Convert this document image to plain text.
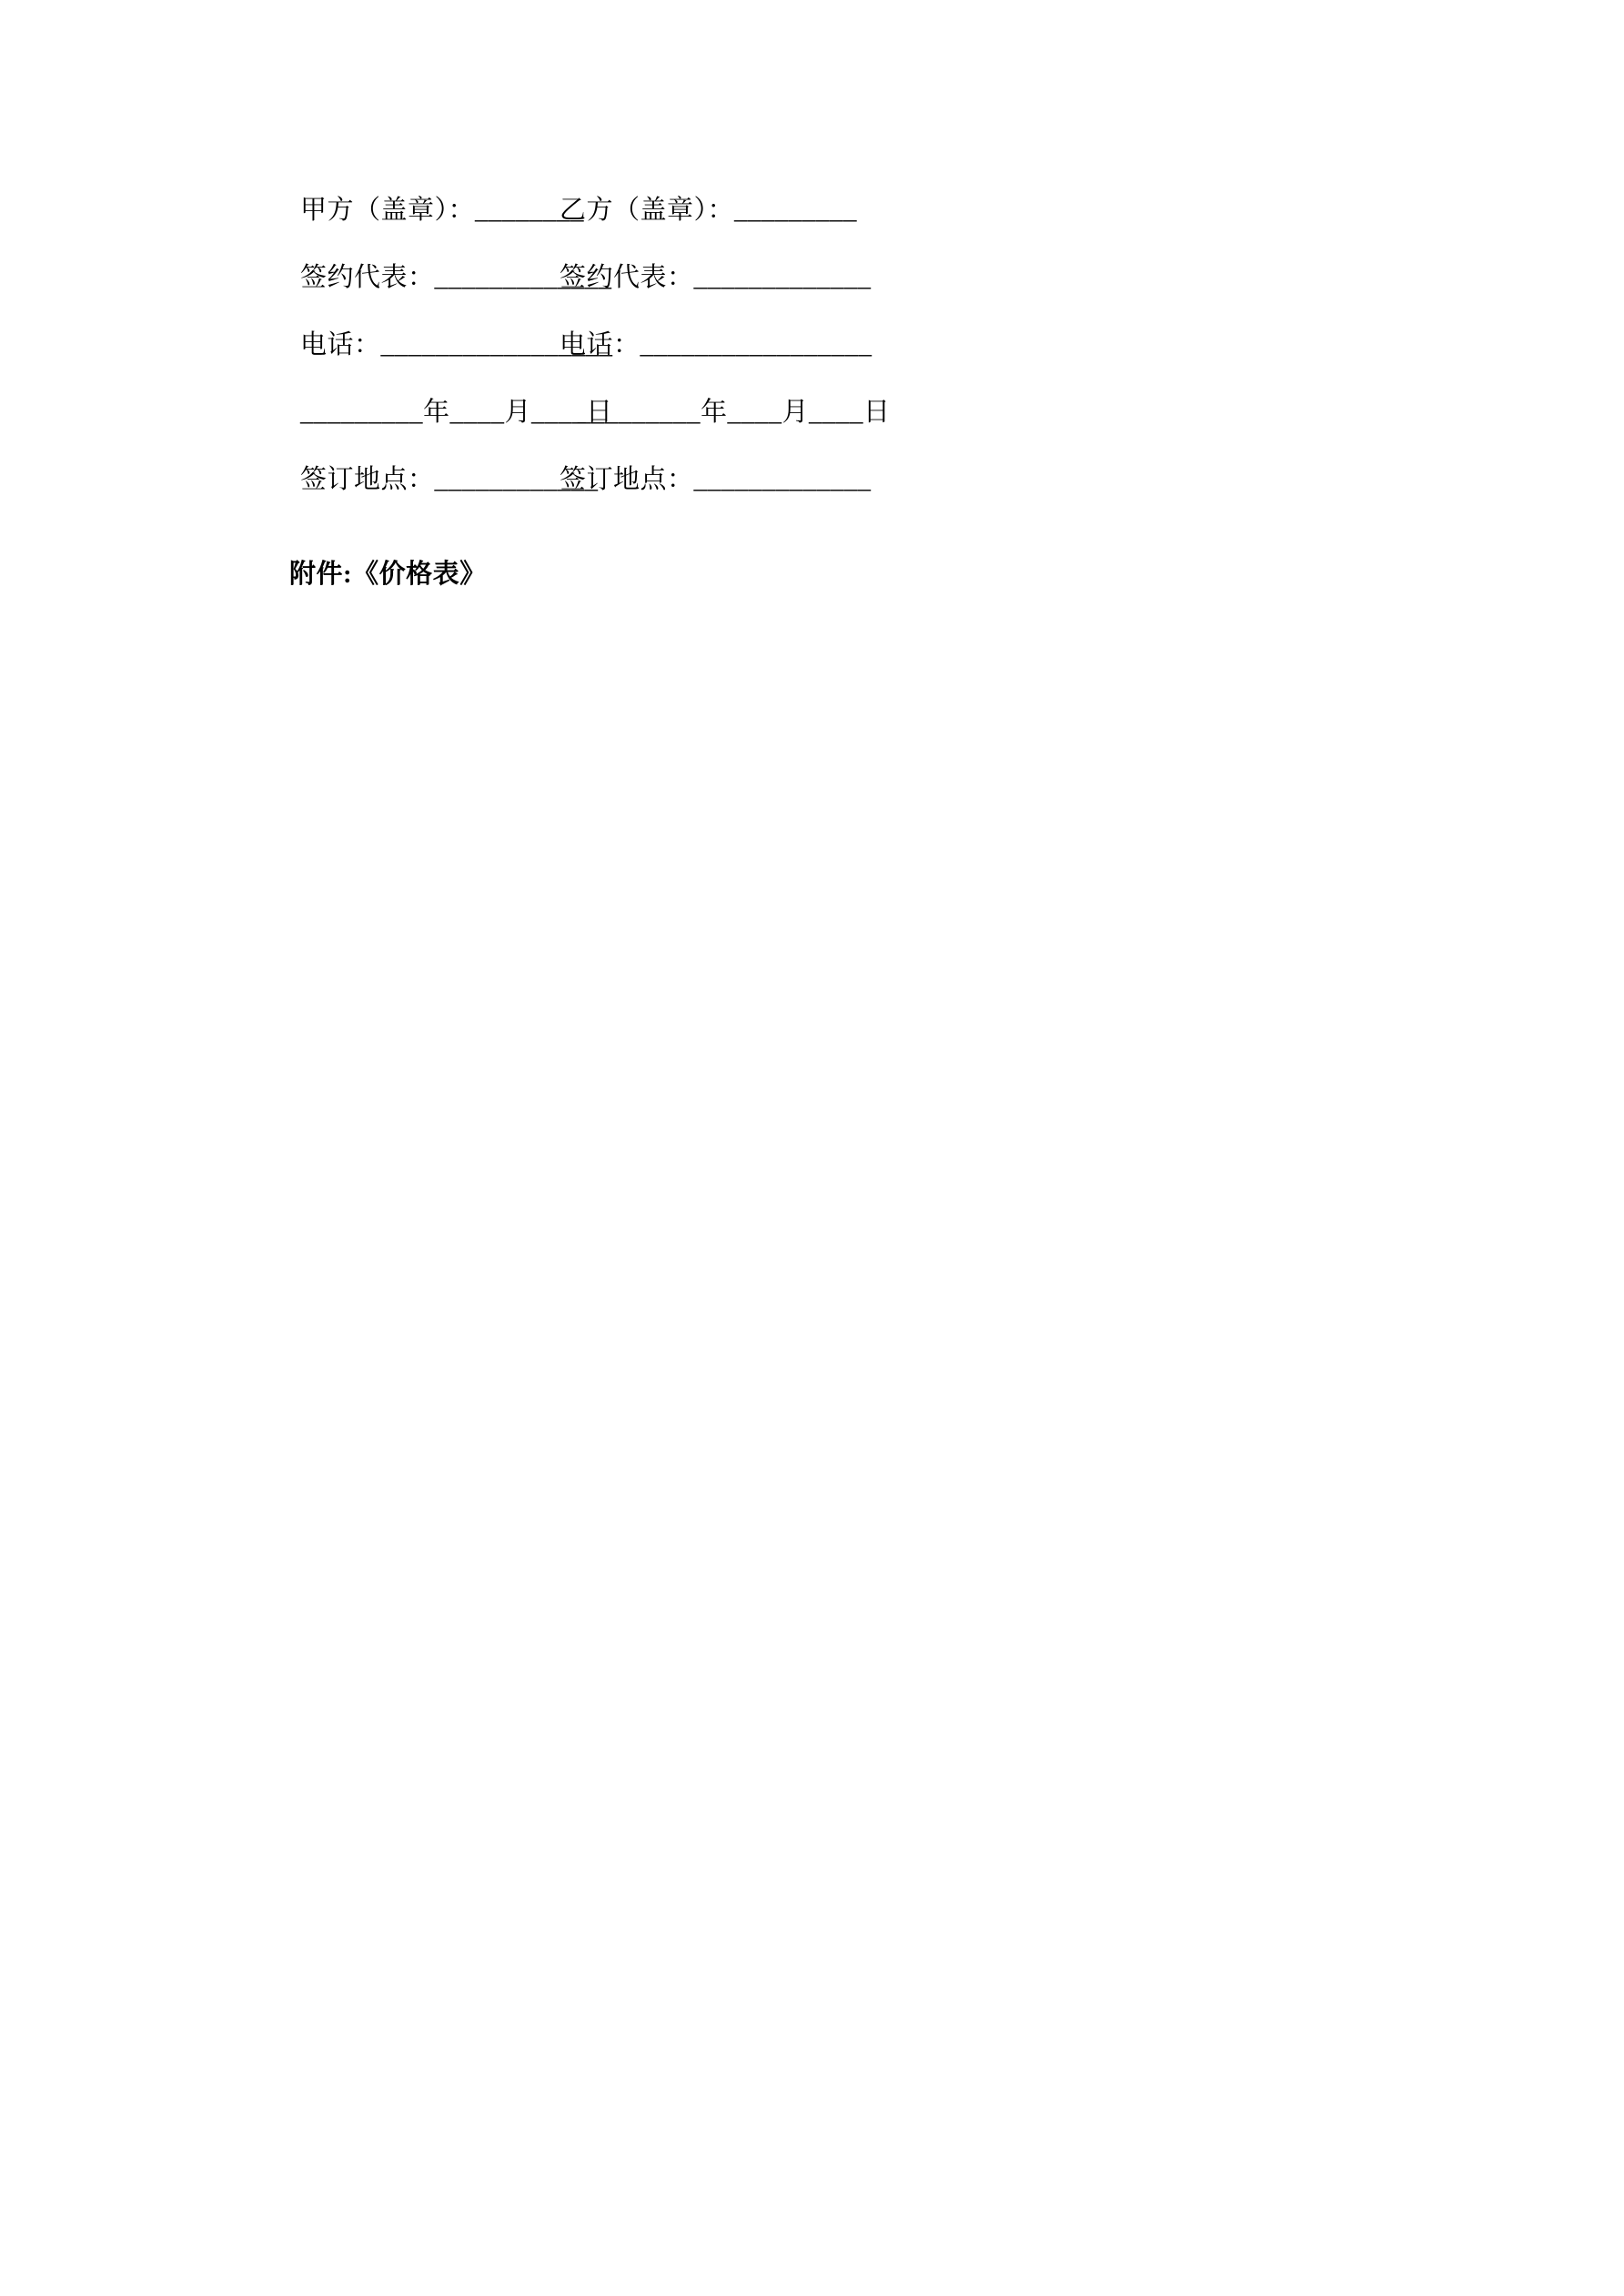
甲方（盖章）：________
乙方（盖章）：_________
签约代表：_____________
签约代表：_____________
电话：_________________
电话：_________________
_________年____月____日
_________年____月____日
签订地点：____________
签订地点：_____________
附件:《价格表》
